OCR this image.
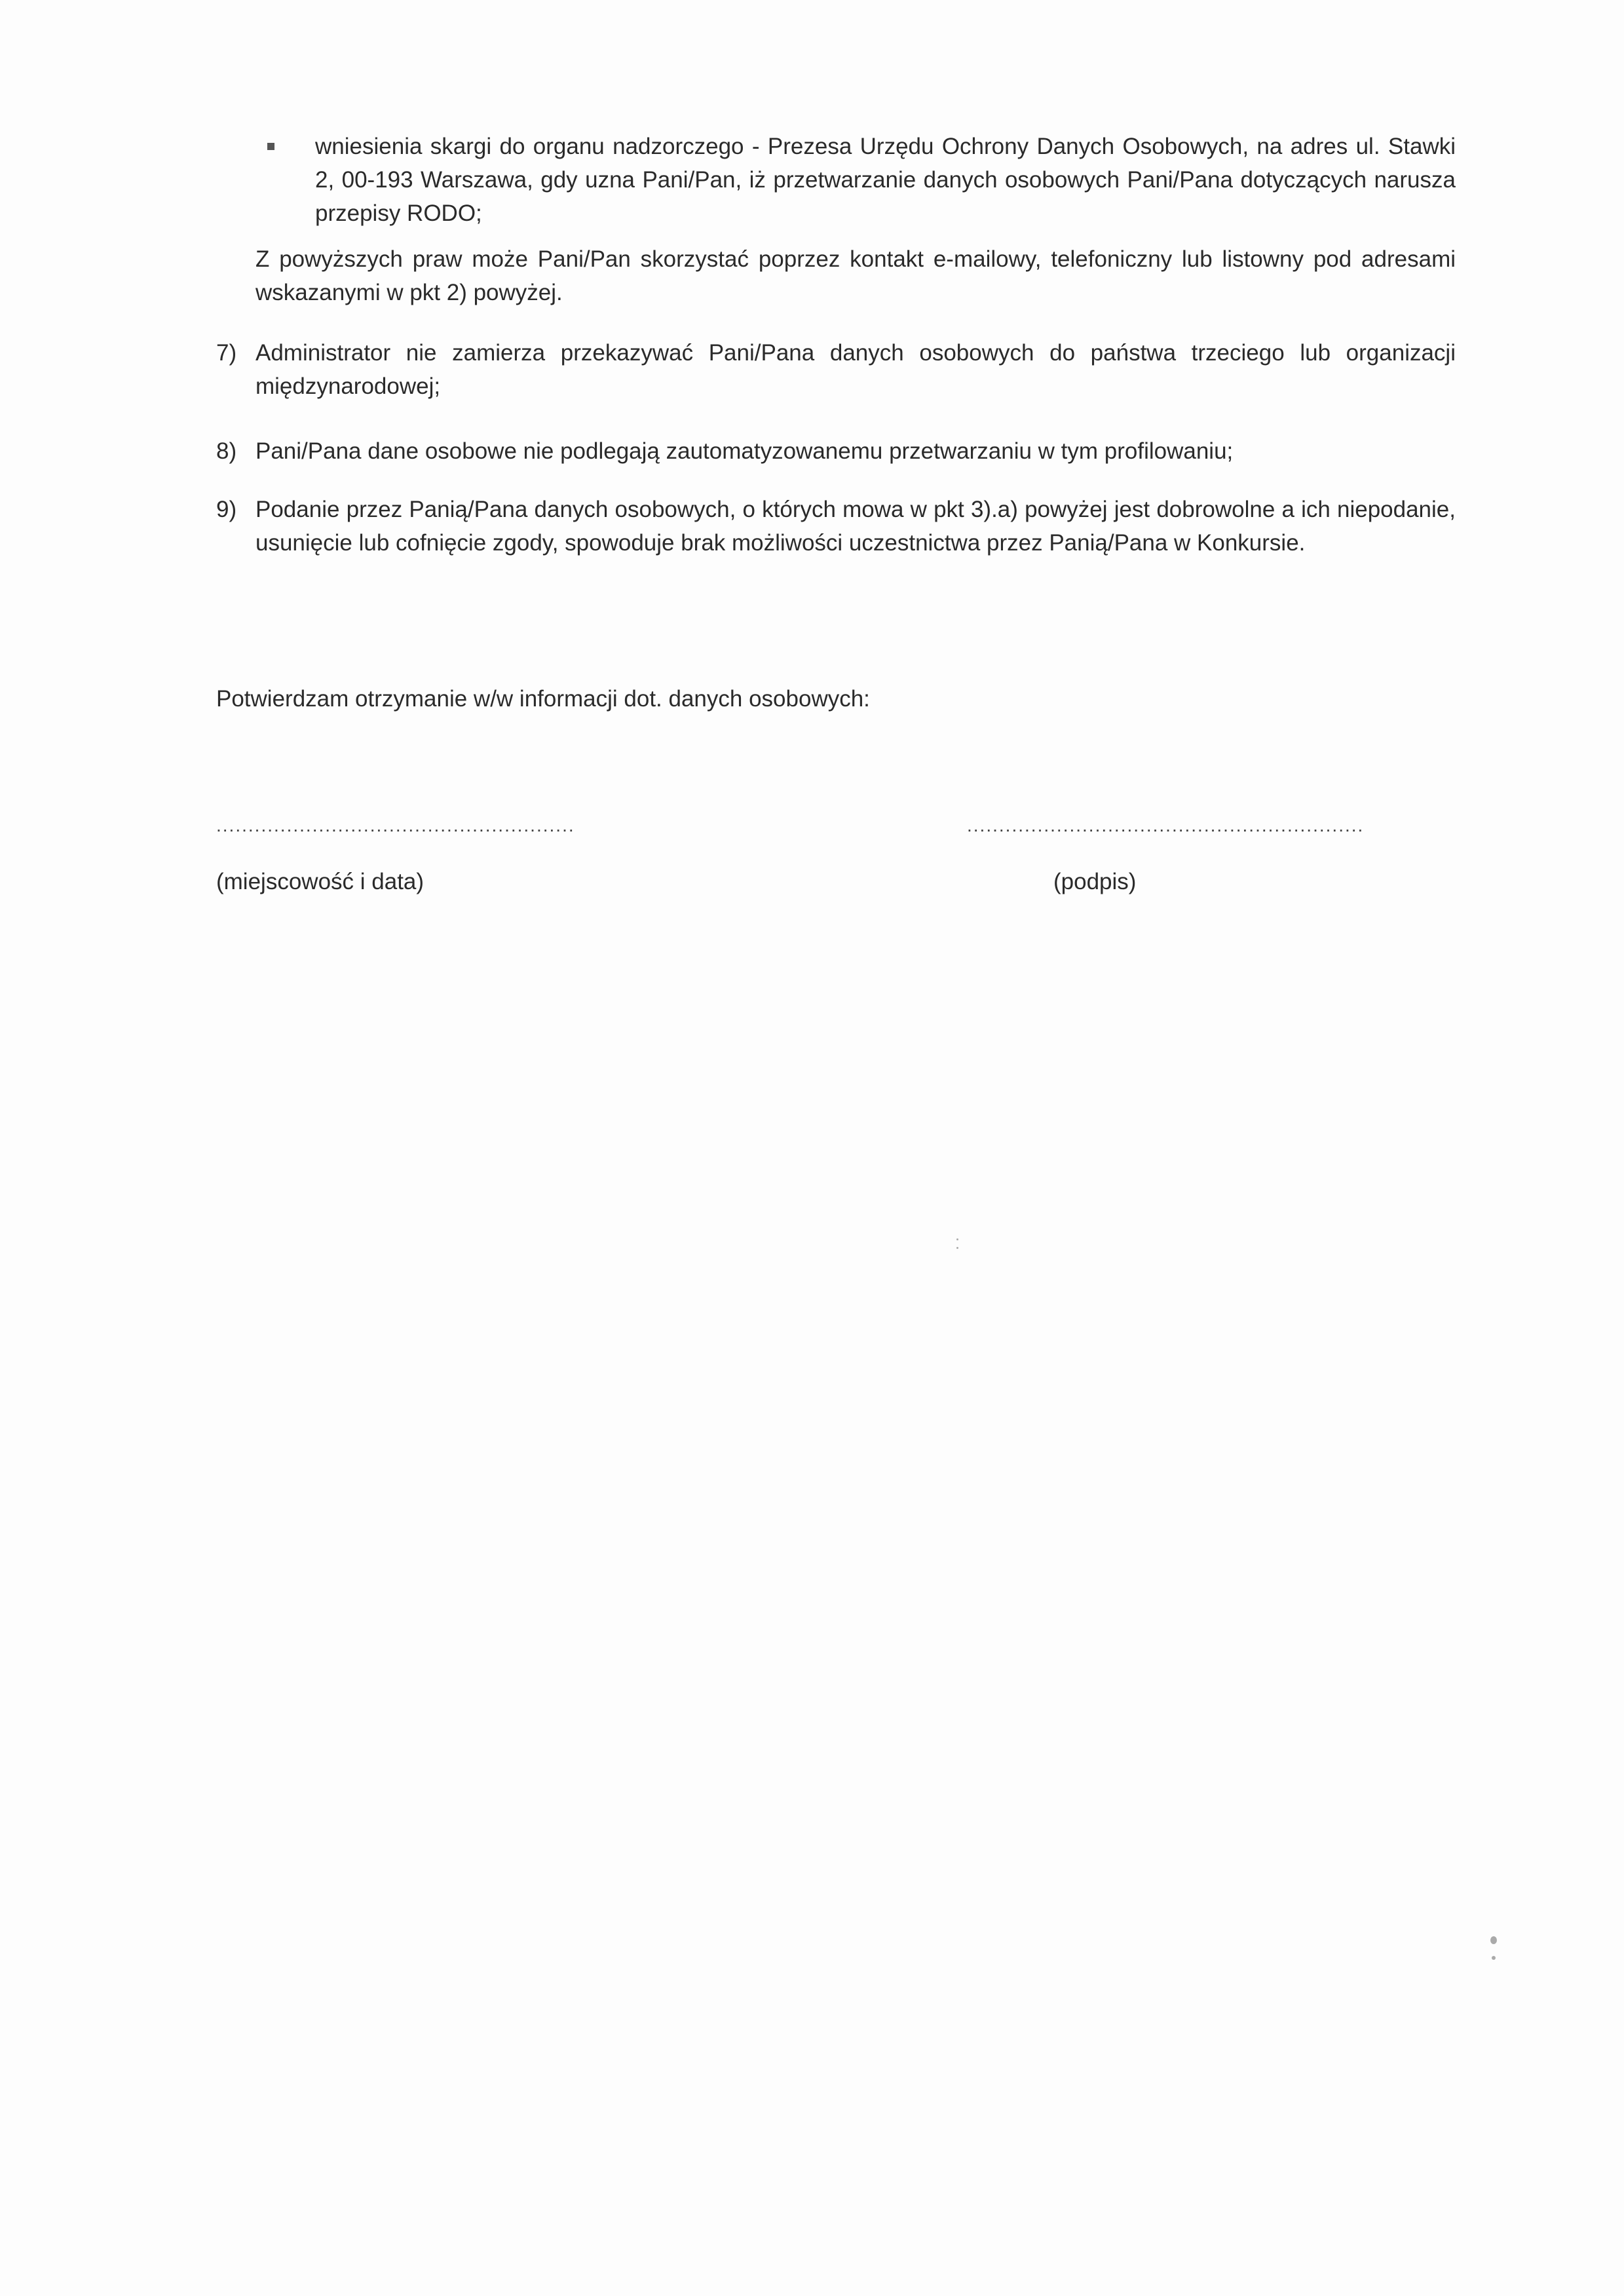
wniesienia skargi do organu nadzorczego - Prezesa Urzędu Ochrony Danych Osobowych, na adres ul. Stawki 2, 00-193 Warszawa, gdy uzna Pani/Pan, iż przetwarzanie danych osobowych Pani/Pana dotyczących narusza przepisy RODO;
Z powyższych praw może Pani/Pan skorzystać poprzez kontakt e-mailowy, telefoniczny lub listowny pod adresami wskazanymi w pkt 2) powyżej.
7) Administrator nie zamierza przekazywać Pani/Pana danych osobowych do państwa trzeciego lub organizacji międzynarodowej;
8) Pani/Pana dane osobowe nie podlegają zautomatyzowanemu przetwarzaniu w tym profilowaniu;
9) Podanie przez Panią/Pana danych osobowych, o których mowa w pkt 3).a) powyżej jest dobrowolne a ich niepodanie, usunięcie lub cofnięcie zgody, spowoduje brak możliwości uczestnictwa przez Panią/Pana w Konkursie.
Potwierdzam otrzymanie w/w informacji dot. danych osobowych:
........................................................	..............................................................
(miejscowość i data)	(podpis)
